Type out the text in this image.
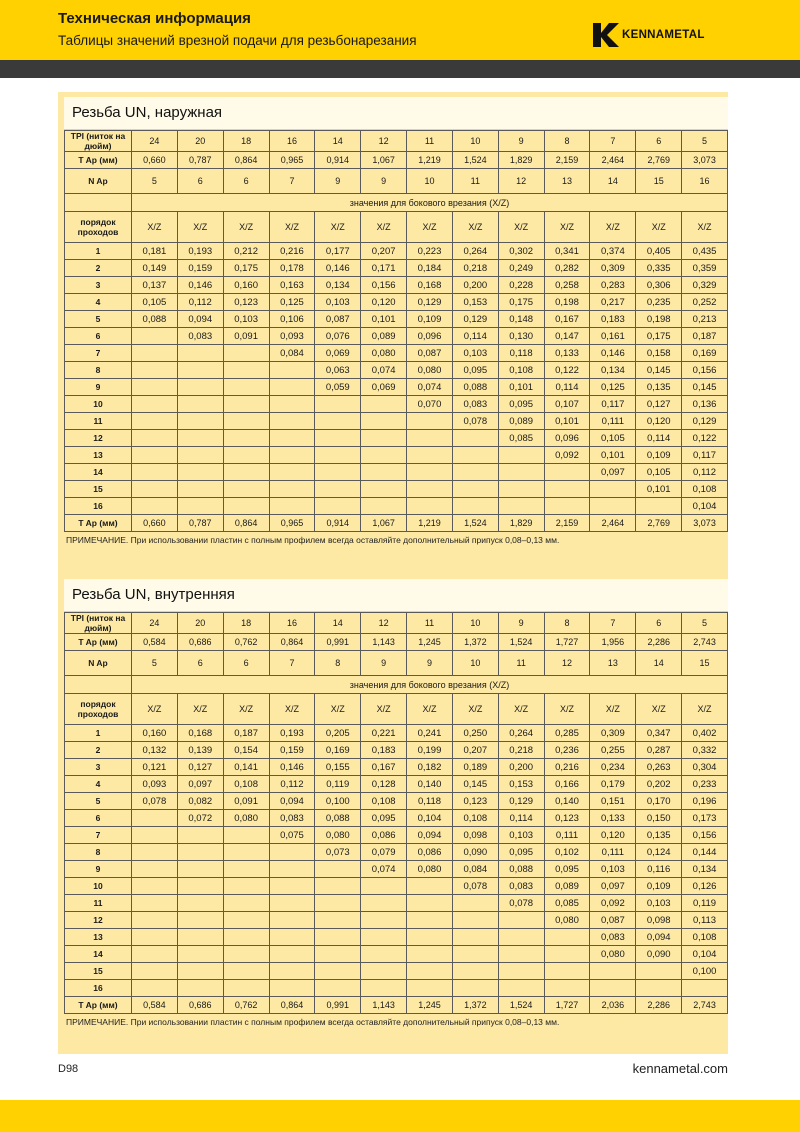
Техническая информация
Таблицы значений врезной подачи для резьбонарезания	KENNAMETAL
Резьба UN, наружная
TPI (ниток на дюйм)	24	20	18	16	14	12	11	10	9	8	7	6	5
T Ap (мм)	0,660	0,787	0,864	0,965	0,914	1,067	1,219	1,524	1,829	2,159	2,464	2,769	3,073
N Ap	5	6	6	7	9	9	10	11	12	13	14	15	16
	значения для бокового врезания (X/Z)												
порядок проходов	X/Z	X/Z	X/Z	X/Z	X/Z	X/Z	X/Z	X/Z	X/Z	X/Z	X/Z	X/Z	X/Z
1	0,181	0,193	0,212	0,216	0,177	0,207	0,223	0,264	0,302	0,341	0,374	0,405	0,435
2	0,149	0,159	0,175	0,178	0,146	0,171	0,184	0,218	0,249	0,282	0,309	0,335	0,359
3	0,137	0,146	0,160	0,163	0,134	0,156	0,168	0,200	0,228	0,258	0,283	0,306	0,329
4	0,105	0,112	0,123	0,125	0,103	0,120	0,129	0,153	0,175	0,198	0,217	0,235	0,252
5	0,088	0,094	0,103	0,106	0,087	0,101	0,109	0,129	0,148	0,167	0,183	0,198	0,213
6		0,083	0,091	0,093	0,076	0,089	0,096	0,114	0,130	0,147	0,161	0,175	0,187
7				0,084	0,069	0,080	0,087	0,103	0,118	0,133	0,146	0,158	0,169
8					0,063	0,074	0,080	0,095	0,108	0,122	0,134	0,145	0,156
9					0,059	0,069	0,074	0,088	0,101	0,114	0,125	0,135	0,145
10							0,070	0,083	0,095	0,107	0,117	0,127	0,136
11								0,078	0,089	0,101	0,111	0,120	0,129
12									0,085	0,096	0,105	0,114	0,122
13										0,092	0,101	0,109	0,117
14											0,097	0,105	0,112
15												0,101	0,108
16													0,104
T Ap (мм)	0,660	0,787	0,864	0,965	0,914	1,067	1,219	1,524	1,829	2,159	2,464	2,769	3,073
ПРИМЕЧАНИЕ. При использовании пластин с полным профилем всегда оставляйте дополнительный припуск 0,08–0,13 мм.
Резьба UN, внутренняя
TPI (ниток на дюйм)	24	20	18	16	14	12	11	10	9	8	7	6	5
T Ap (мм)	0,584	0,686	0,762	0,864	0,991	1,143	1,245	1,372	1,524	1,727	1,956	2,286	2,743
N Ap	5	6	6	7	8	9	9	10	11	12	13	14	15
	значения для бокового врезания (X/Z)												
порядок проходов	X/Z	X/Z	X/Z	X/Z	X/Z	X/Z	X/Z	X/Z	X/Z	X/Z	X/Z	X/Z	X/Z
1	0,160	0,168	0,187	0,193	0,205	0,221	0,241	0,250	0,264	0,285	0,309	0,347	0,402
2	0,132	0,139	0,154	0,159	0,169	0,183	0,199	0,207	0,218	0,236	0,255	0,287	0,332
3	0,121	0,127	0,141	0,146	0,155	0,167	0,182	0,189	0,200	0,216	0,234	0,263	0,304
4	0,093	0,097	0,108	0,112	0,119	0,128	0,140	0,145	0,153	0,166	0,179	0,202	0,233
5	0,078	0,082	0,091	0,094	0,100	0,108	0,118	0,123	0,129	0,140	0,151	0,170	0,196
6		0,072	0,080	0,083	0,088	0,095	0,104	0,108	0,114	0,123	0,133	0,150	0,173
7				0,075	0,080	0,086	0,094	0,098	0,103	0,111	0,120	0,135	0,156
8					0,073	0,079	0,086	0,090	0,095	0,102	0,111	0,124	0,144
9						0,074	0,080	0,084	0,088	0,095	0,103	0,116	0,134
10								0,078	0,083	0,089	0,097	0,109	0,126
11									0,078	0,085	0,092	0,103	0,119
12										0,080	0,087	0,098	0,113
13											0,083	0,094	0,108
14											0,080	0,090	0,104
15													0,100
16													
T Ap (мм)	0,584	0,686	0,762	0,864	0,991	1,143	1,245	1,372	1,524	1,727	2,036	2,286	2,743
ПРИМЕЧАНИЕ. При использовании пластин с полным профилем всегда оставляйте дополнительный припуск 0,08–0,13 мм.
D98	kennametal.com
